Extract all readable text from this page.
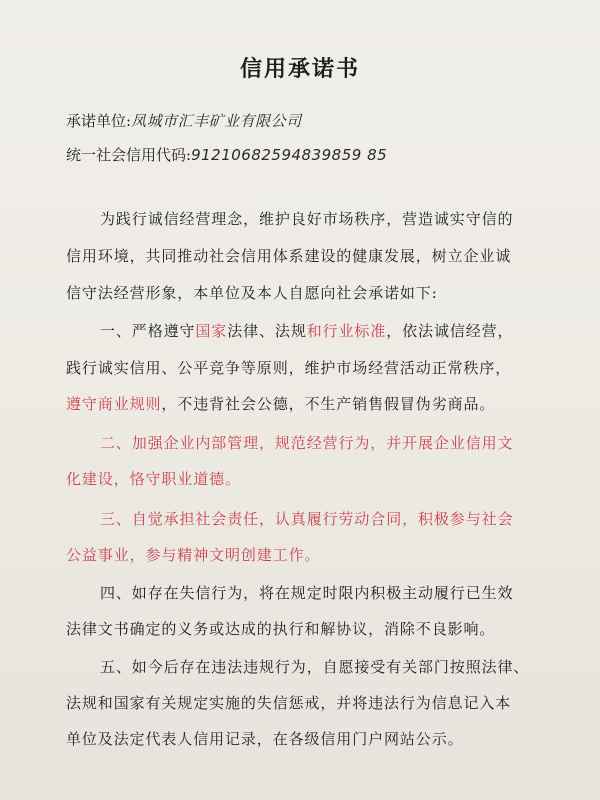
信用承诺书
承诺单位:凤城市汇丰矿业有限公司
统一社会信用代码:91210682594839859 85
为践行诚信经营理念，维护良好市场秩序，营造诚实守信的
信用环境，共同推动社会信用体系建设的健康发展，树立企业诚
信守法经营形象，本单位及本人自愿向社会承诺如下:
一、严格遵守国家法律、法规和行业标准，依法诚信经营，
践行诚实信用、公平竞争等原则，维护市场经营活动正常秩序，
遵守商业规则，不违背社会公德，不生产销售假冒伪劣商品。
二、加强企业内部管理，规范经营行为，并开展企业信用文
化建设，恪守职业道德。
三、自觉承担社会责任，认真履行劳动合同，积极参与社会
公益事业，参与精神文明创建工作。
四、如存在失信行为，将在规定时限内积极主动履行已生效
法律文书确定的义务或达成的执行和解协议，消除不良影响。
五、如今后存在违法违规行为，自愿接受有关部门按照法律、
法规和国家有关规定实施的失信惩戒，并将违法行为信息记入本
单位及法定代表人信用记录，在各级信用门户网站公示。
